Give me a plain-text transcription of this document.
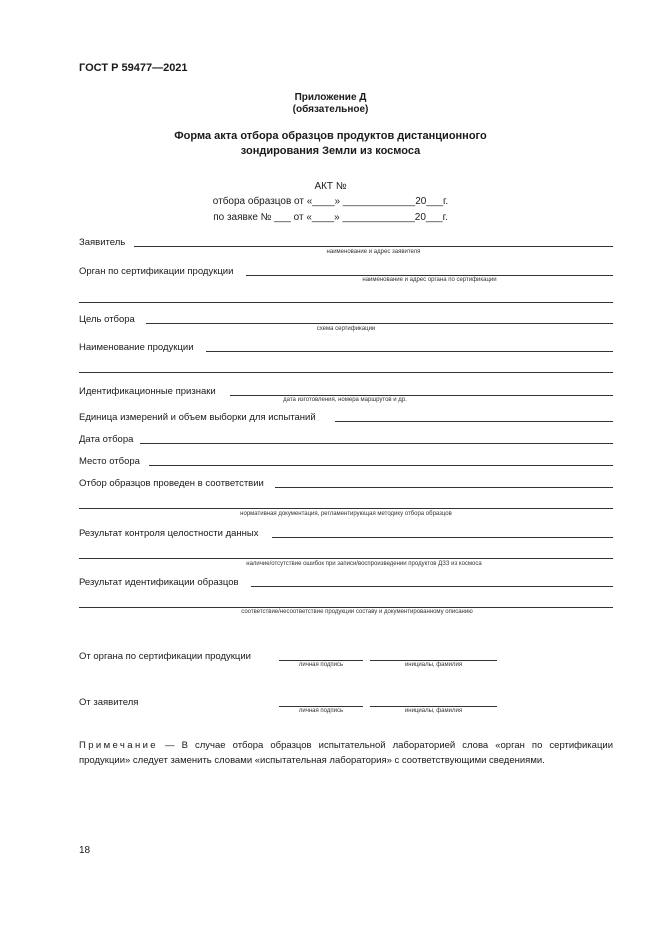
ГОСТ Р 59477—2021
Приложение Д
(обязательное)
Форма акта отбора образцов продуктов дистанционного
зондирования Земли из космоса
АКТ №
отбора образцов от «____» _____________20___г.
по заявке № ___ от «____» _____________20___г.
Заявитель
наименование и адрес заявителя
Орган по сертификации продукции
наименование и адрес органа по сертификации
Цель отбора
схема сертификации
Наименование продукции
Идентификационные признаки
дата изготовления, номера маршрутов и др.
Единица измерений и объем выборки для испытаний
Дата отбора
Место отбора
Отбор образцов проведен в соответствии
нормативная документация, регламентирующая методику отбора образцов
Результат контроля целостности данных
наличие/отсутствие ошибок при записи/воспроизведении продуктов ДЗЗ из космоса
Результат идентификации образцов
соответствие/несоответствие продукции составу и документированному описанию
От органа по сертификации продукции
личная подпись	инициалы, фамилия
От заявителя
личная подпись	инициалы, фамилия
Примечание — В случае отбора образцов испытательной лабораторией слова «орган по сертификации продукции» следует заменить словами «испытательная лаборатория» с соответствующими сведениями.
18
